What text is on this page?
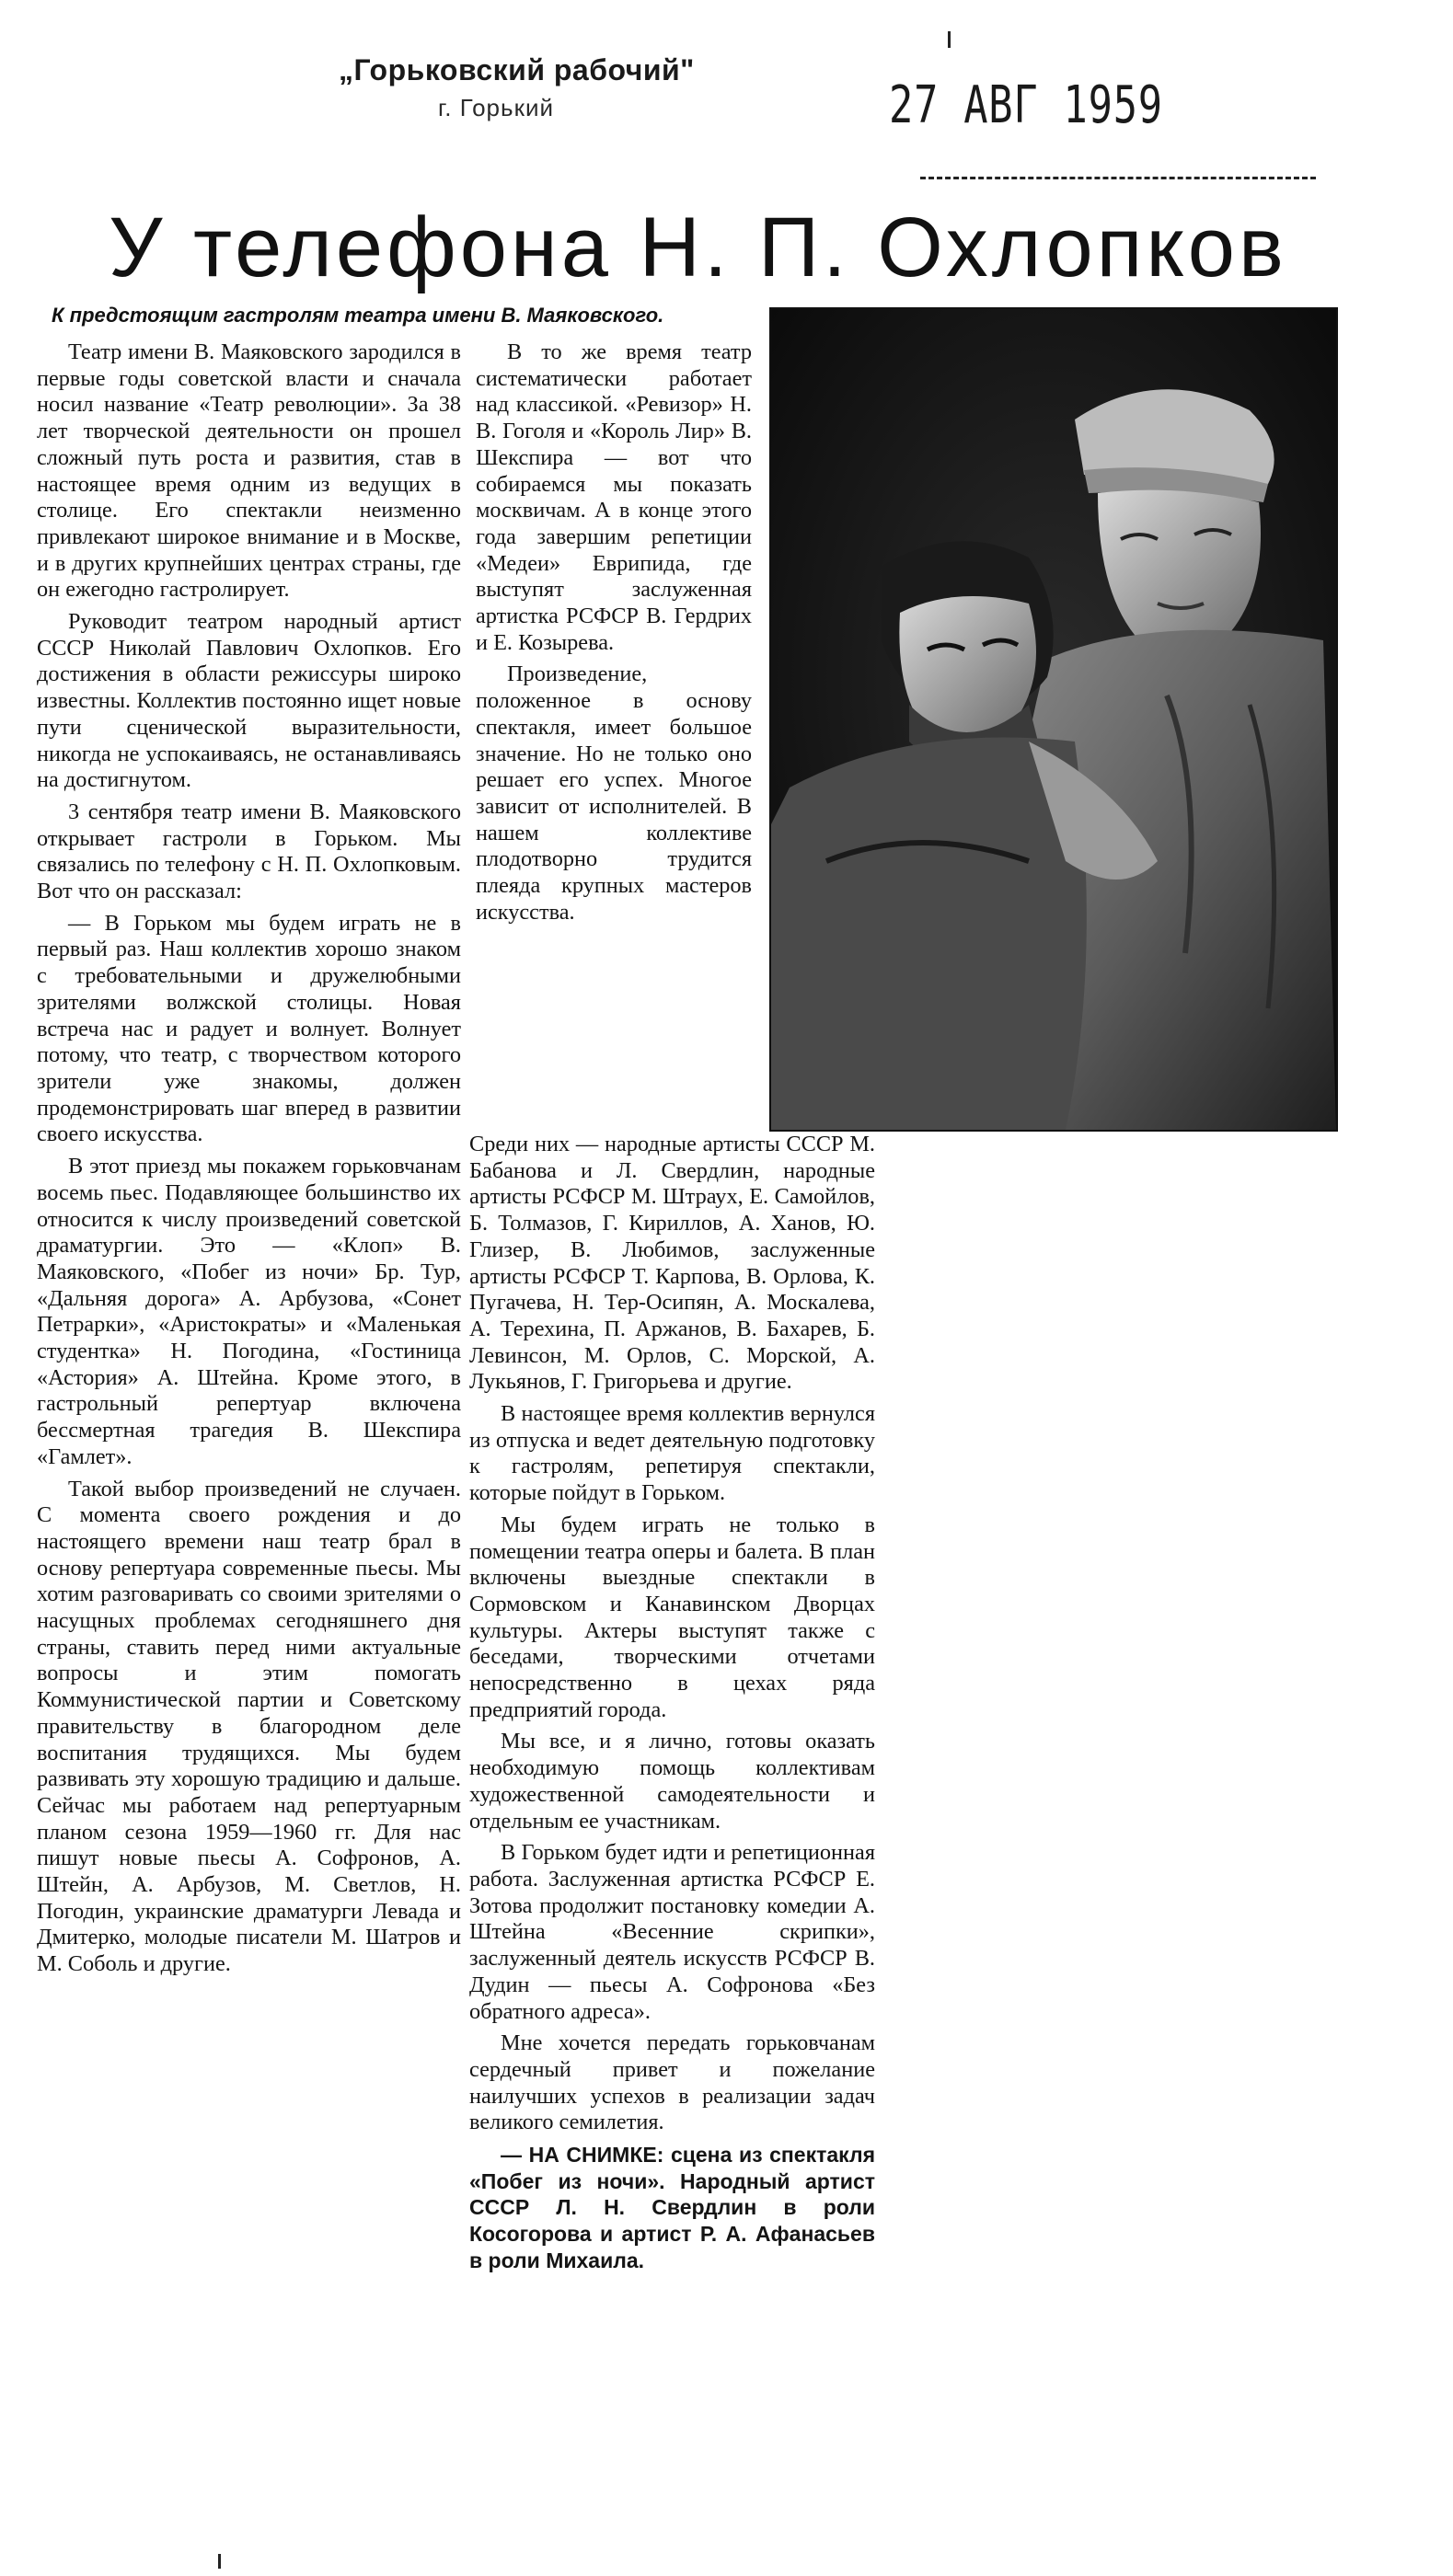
„Горьковский рабочий"
г. Горький	27 АВГ 1959
У телефона Н. П. Охлопков
К предстоящим гастролям театра имени В. Маяковского.

Театр имени В. Маяковского зародился в первые годы советской власти и сначала носил название «Театр революции». За 38 лет творческой деятельности он прошел сложный путь роста и развития, став в настоящее время одним из ведущих в столице. Его спектакли неизменно привлекают широкое внимание и в Москве, и в других крупнейших центрах страны, где он ежегодно гастролирует.

Руководит театром народный артист СССР Николай Павлович Охлопков. Его достижения в области режиссуры широко известны. Коллектив постоянно ищет новые пути сценической выразительности, никогда не успокаиваясь, не останавливаясь на достигнутом.

3 сентября театр имени В. Маяковского открывает гастроли в Горьком. Мы связались по телефону с Н. П. Охлопковым. Вот что он рассказал:

— В Горьком мы будем играть не в первый раз. Наш коллектив хорошо знаком с требовательными и дружелюбными зрителями волжской столицы. Новая встреча нас и радует и волнует. Волнует потому, что театр, с творчеством которого зрители уже знакомы, должен продемонстрировать шаг вперед в развитии своего искусства.

В этот приезд мы покажем горьковчанам восемь пьес. Подавляющее большинство их относится к числу произведений советской драматургии. Это — «Клоп» В. Маяковского, «Побег из ночи» Бр. Тур, «Дальняя дорога» А. Арбузова, «Сонет Петрарки», «Аристократы» и «Маленькая студентка» Н. Погодина, «Гостиница «Астория» А. Штейна. Кроме этого, в гастрольный репертуар включена бессмертная трагедия В. Шекспира «Гамлет».

Такой выбор произведений не случаен. С момента своего рождения и до настоящего времени наш театр брал в основу репертуара современные пьесы. Мы хотим разговаривать со своими зрителями о насущных проблемах сегодняшнего дня страны, ставить перед ними актуальные вопросы и этим помогать Коммунистической партии и Советскому правительству в благородном деле воспитания трудящихся. Мы будем развивать эту хорошую традицию и дальше. Сейчас мы работаем над репертуарным планом сезона 1959—1960 гг. Для нас пишут новые пьесы А. Софронов, А. Штейн, А. Арбузов, М. Светлов, Н. Погодин, украинские драматурги Левада и Дмитерко, молодые писатели М. Шатров и М. Соболь и другие.

В то же время театр систематически работает над классикой. «Ревизор» Н. В. Гоголя и «Король Лир» В. Шекспира — вот что собираемся мы показать москвичам. А в конце этого года завершим репетиции «Медеи» Еврипида, где выступят заслуженная артистка РСФСР В. Гердрих и Е. Козырева.

Произведение, положенное в основу спектакля, имеет большое значение. Но не только оно решает его успех. Многое зависит от исполнителей. В нашем коллективе плодотворно трудится плеяда крупных мастеров искусства.

Среди них — народные артисты СССР М. Бабанова и Л. Свердлин, народные артисты РСФСР М. Штраух, Е. Самойлов, Б. Толмазов, Г. Кириллов, А. Ханов, Ю. Глизер, В. Любимов, заслуженные артисты РСФСР Т. Карпова, В. Орлова, К. Пугачева, Н. Тер-Осипян, А. Москалева, А. Терехина, П. Аржанов, В. Бахарев, Б. Левинсон, М. Орлов, С. Морской, А. Лукьянов, Г. Григорьева и другие.

В настоящее время коллектив вернулся из отпуска и ведет деятельную подготовку к гастролям, репетируя спектакли, которые пойдут в Горьком.

Мы будем играть не только в помещении театра оперы и балета. В план включены выездные спектакли в Сормовском и Канавинском Дворцах культуры. Актеры выступят также с беседами, творческими отчетами непосредственно в цехах ряда предприятий города.

Мы все, и я лично, готовы оказать необходимую помощь коллективам художественной самодеятельности и отдельным ее участникам.

В Горьком будет идти и репетиционная работа. Заслуженная артистка РСФСР Е. Зотова продолжит постановку комедии А. Штейна «Весенние скрипки», заслуженный деятель искусств РСФСР В. Дудин — пьесы А. Софронова «Без обратного адреса».

Мне хочется передать горьковчанам сердечный привет и пожелание наилучших успехов в реализации задач великого семилетия.

— НА СНИМКЕ: сцена из спектакля «Побег из ночи». Народный артист СССР Л. Н. Свердлин в роли Косогорова и артист Р. А. Афанасьев в роли Михаила.
